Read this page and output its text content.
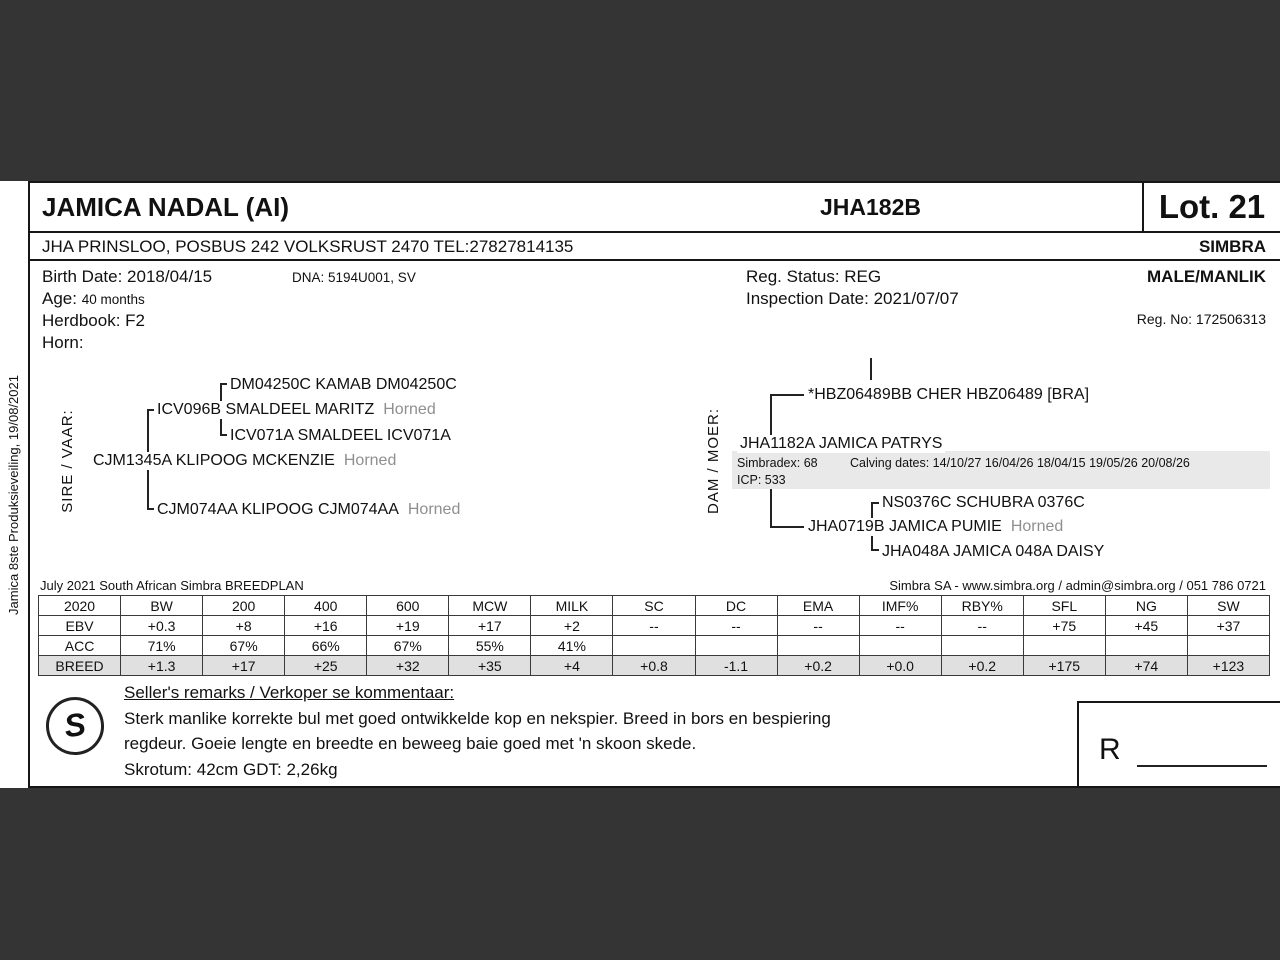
Jamica 8ste Produksieveiling, 19/08/2021
JAMICA NADAL (AI)	JHA182B	Lot. 21
JHA PRINSLOO, POSBUS 242 VOLKSRUST 2470 TEL:27827814135	SIMBRA
Birth Date: 2018/04/15	DNA: 5194U001, SV	Reg. Status: REG	MALE/MANLIK
Age: 40 months	Inspection Date: 2021/07/07
Herdbook: F2	Reg. No: 172506313
Horn:
SIRE / VAAR:
DM04250C KAMAB DM04250C
ICV096B SMALDEEL MARITZ Horned
ICV071A SMALDEEL ICV071A
CJM1345A KLIPOOG MCKENZIE Horned
CJM074AA KLIPOOG CJM074AA Horned	DAM / MOER:
*HBZ06489BB CHER HBZ06489 [BRA]
JHA1182A JAMICA PATRYS
Simbradex: 68	Calving dates: 14/10/27 16/04/26 18/04/15 19/05/26 20/08/26
ICP: 533
NS0376C SCHUBRA 0376C
JHA0719B JAMICA PUMIE Horned
JHA048A JAMICA 048A DAISY
July 2021 South African Simbra BREEDPLAN	Simbra SA - www.simbra.org / admin@simbra.org / 051 786 0721
2020	BW	200	400	600	MCW	MILK	SC	DC	EMA	IMF%	RBY%	SFL	NG	SW
EBV	+0.3	+8	+16	+19	+17	+2	--	--	--	--	--	+75	+45	+37
ACC	71%	67%	66%	67%	55%	41%								
BREED	+1.3	+17	+25	+32	+35	+4	+0.8	-1.1	+0.2	+0.0	+0.2	+175	+74	+123
S
Seller's remarks / Verkoper se kommentaar:
Sterk manlike korrekte bul met goed ontwikkelde kop en nekspier. Breed in bors en bespiering
regdeur. Goeie lengte en breedte en beweeg baie goed met 'n skoon skede.
Skrotum: 42cm GDT: 2,26kg
R
